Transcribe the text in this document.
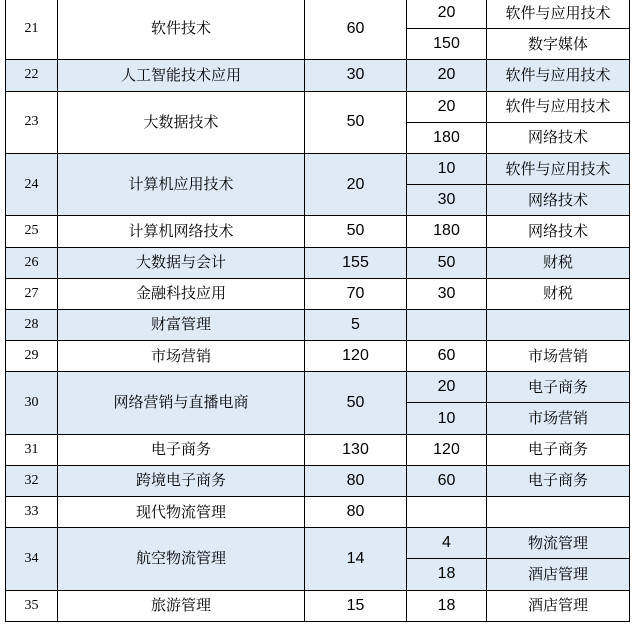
21	软件技术	60	20	软件与应用技术
			150	数字媒体
22	人工智能技术应用	30	20	软件与应用技术
23	大数据技术	50	20	软件与应用技术
			180	网络技术
24	计算机应用技术	20	10	软件与应用技术
			30	网络技术
25	计算机网络技术	50	180	网络技术
26	大数据与会计	155	50	财税
27	金融科技应用	70	30	财税
28	财富管理	5		
29	市场营销	120	60	市场营销
30	网络营销与直播电商	50	20	电子商务
			10	市场营销
31	电子商务	130	120	电子商务
32	跨境电子商务	80	60	电子商务
33	现代物流管理	80		
34	航空物流管理	14	4	物流管理
			18	酒店管理
35	旅游管理	15	18	酒店管理
